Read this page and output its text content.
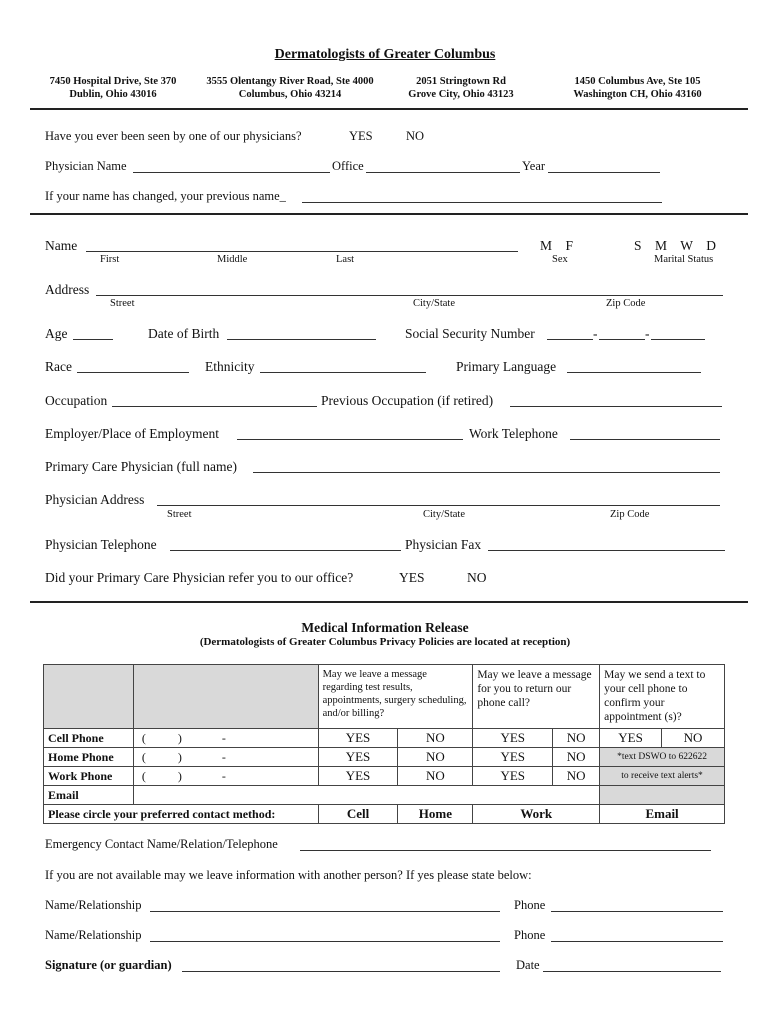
Dermatologists of Greater Columbus
7450 Hospital Drive, Ste 370
Dublin, Ohio 43016
3555 Olentangy River Road, Ste 4000
Columbus, Ohio 43214
2051 Stringtown Rd
Grove City, Ohio 43123
1450 Columbus Ave, Ste 105
Washington CH, Ohio 43160
Have you ever been seen by one of our physicians?	YES	NO
Physician Name	Office	Year
If your name has changed, your previous name_
Name
First	Middle	Last
M    F
Sex
S    M    W    D
Marital Status
Address
Street	City/State	Zip Code
Age	Date of Birth	Social Security Number	-	-
Race	Ethnicity	Primary Language
Occupation	Previous Occupation (if retired)
Employer/Place of Employment	Work Telephone
Primary Care Physician (full name)
Physician Address
Street	City/State	Zip Code
Physician Telephone	Physician Fax
Did your Primary Care Physician refer you to our office?	YES	NO
Medical Information Release
(Dermatologists of Greater Columbus Privacy Policies are located at reception)
		May we leave a message regarding test results, appointments, surgery scheduling, and/or billing?		May we leave a message for you to return our phone call?		May we send a text to your cell phone to confirm your appointment (s)?	
Cell Phone	( ) -	YES	NO	YES	NO	YES	NO
Home Phone	( ) -	YES	NO	YES	NO	*text DSWO to 622622	
Work Phone	( ) -	YES	NO	YES	NO	to receive text alerts*	
Email							
Please circle your preferred contact method:		Cell	Home	Work		Email	
Emergency Contact Name/Relation/Telephone
If you are not available may we leave information with another person? If yes please state below:
Name/Relationship	Phone
Name/Relationship	Phone
Signature (or guardian)	Date
